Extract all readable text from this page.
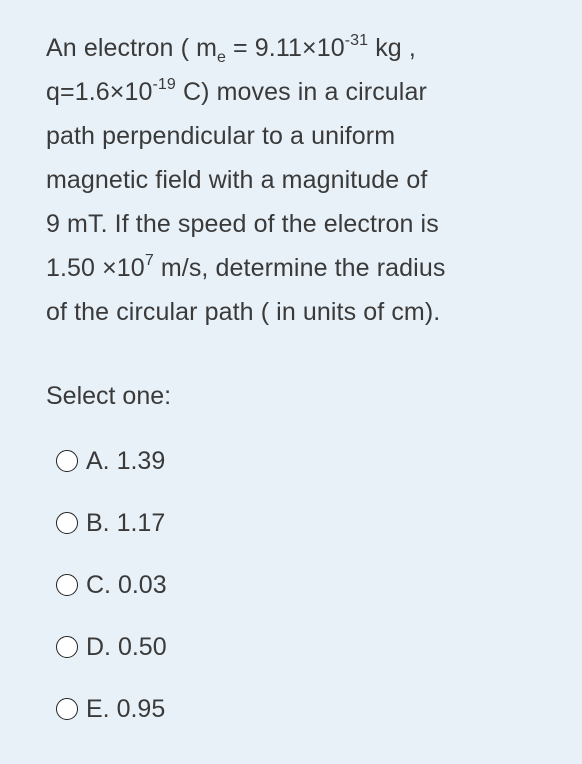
An electron ( $m_e = 9.11\times 10^{-31}$ kg ,

$q=1.6\times 10^{-19}$ C) moves in a circular

path perpendicular to a uniform

magnetic field with a magnitude of

9 mT. If the speed of the electron is

$1.50 \times 10^7$ m/s, determine the radius

of the circular path ( in units of cm).

Select one:
A. 1.39
B. 1.17
C. 0.03
D. 0.50
E. 0.95
